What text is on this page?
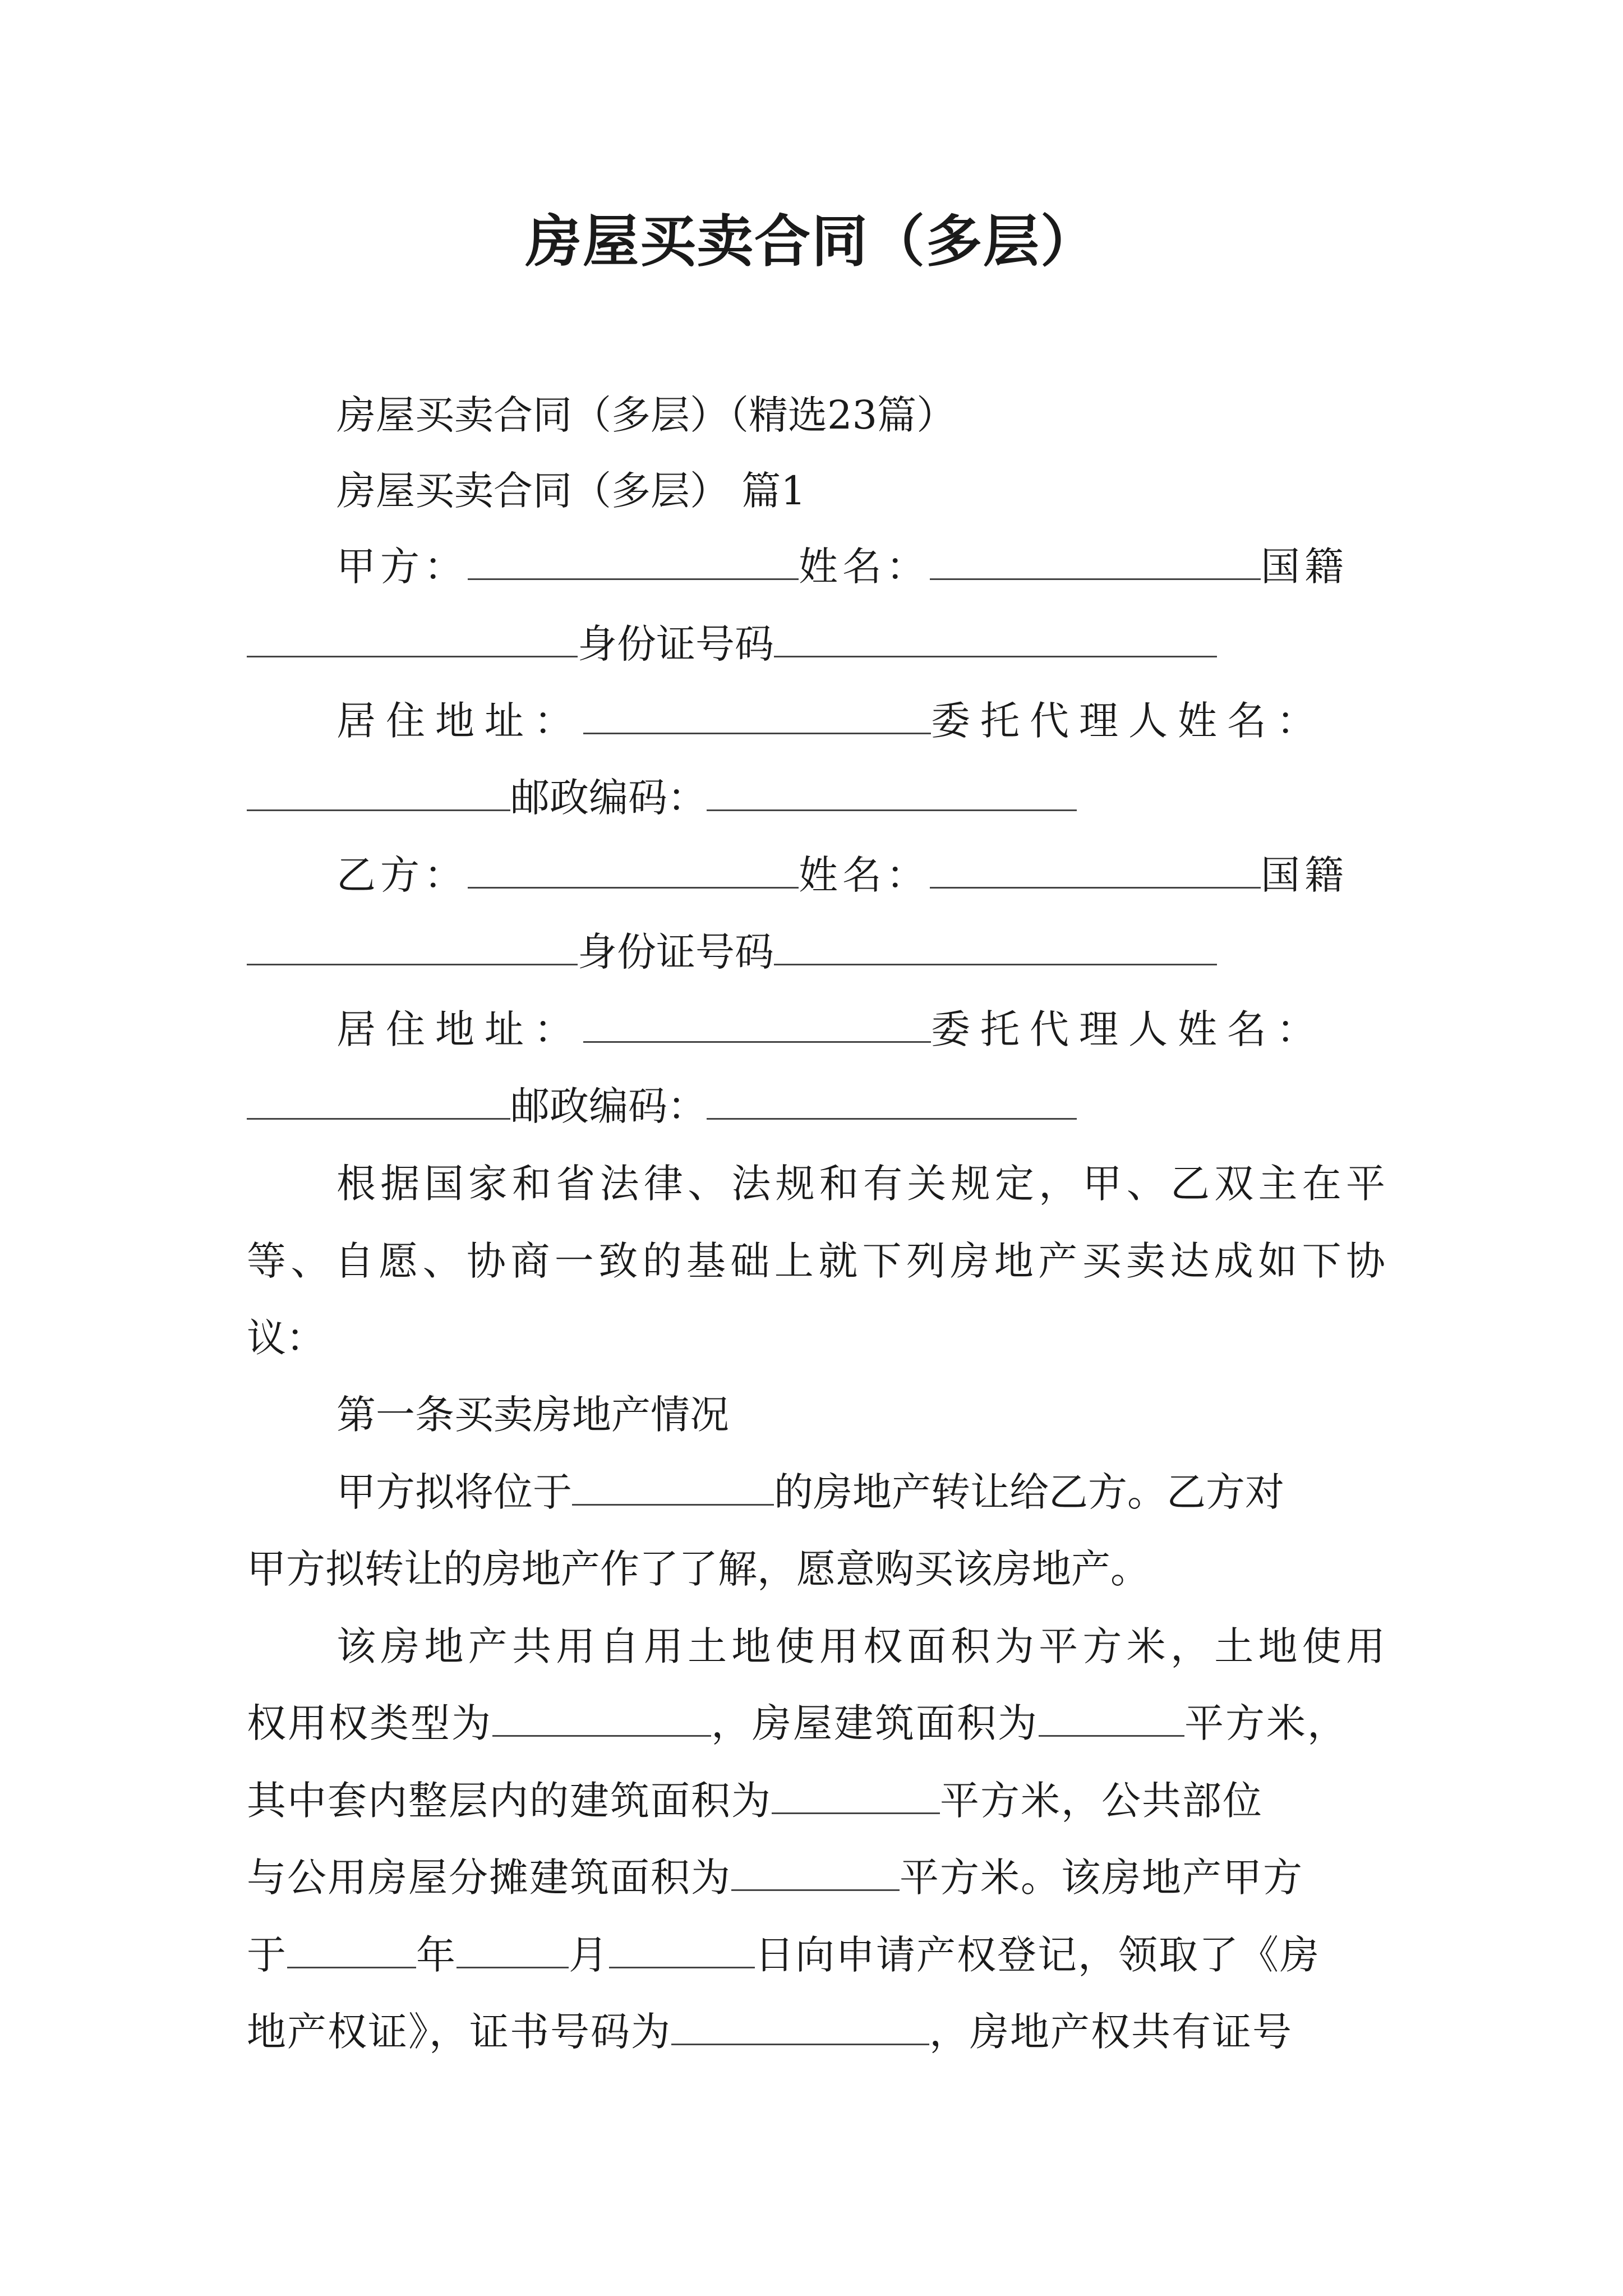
房屋买卖合同（多层）
房屋买卖合同（多层）（精选23篇）
房屋买卖合同（多层） 篇1
甲方：	姓名：	国籍
身份证号码
居住地址：	委托代理人姓名：
邮政编码：
乙方：	姓名：	国籍
身份证号码
居住地址：	委托代理人姓名：
邮政编码：
根据国家和省法律、法规和有关规定，甲、乙双主在平
等、自愿、协商一致的基础上就下列房地产买卖达成如下协
议：
第一条买卖房地产情况
甲方拟将位于	的房地产转让给乙方。乙方对
甲方拟转让的房地产作了了解，愿意购买该房地产。
该房地产共用自用土地使用权面积为平方米，土地使用
权用权类型为	，房屋建筑面积为	平方米，
其中套内整层内的建筑面积为	平方米，公共部位
与公用房屋分摊建筑面积为	平方米。该房地产甲方
于	年	月	日向申请产权登记，领取了《房
地产权证》，证书号码为	，房地产权共有证号
